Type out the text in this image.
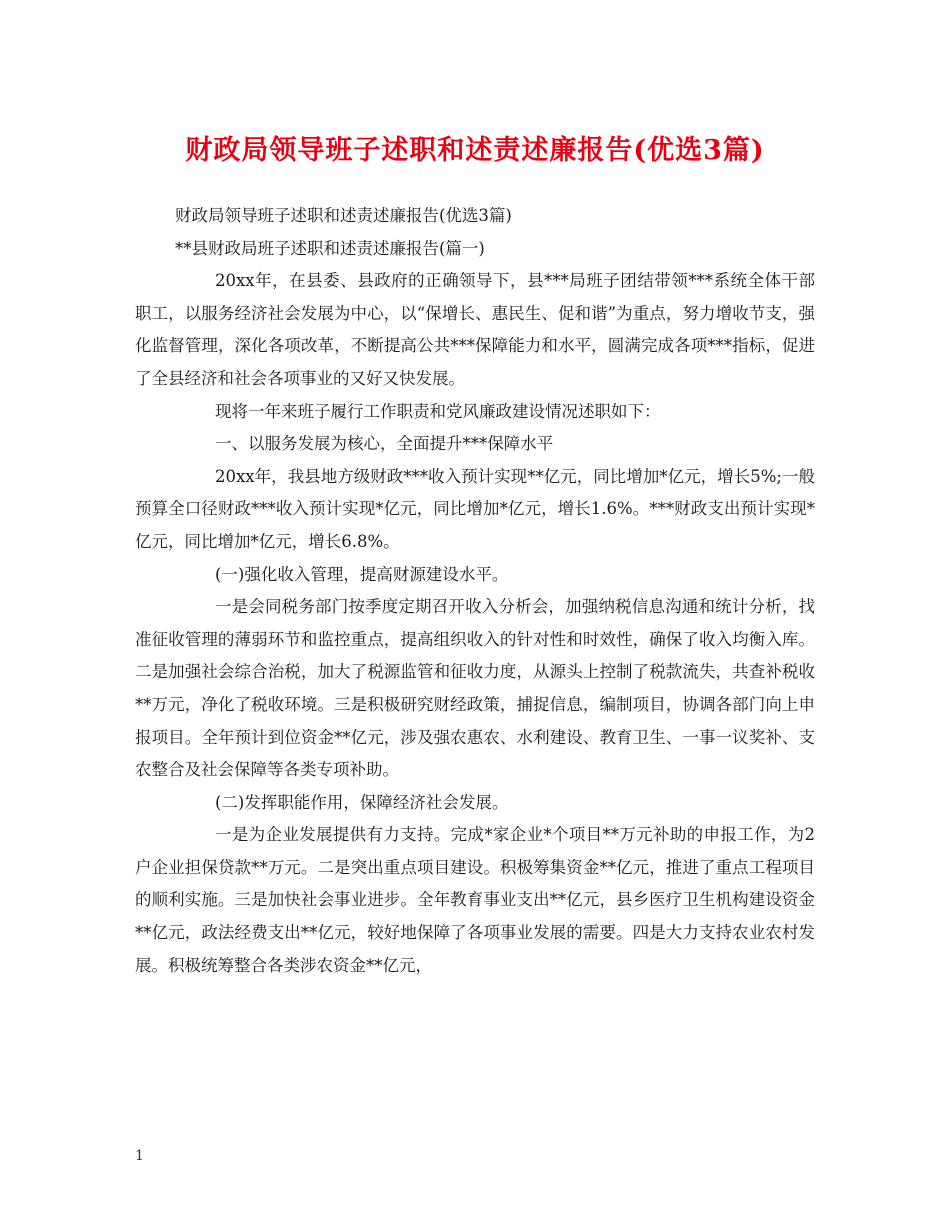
财政局领导班子述职和述责述廉报告(优选3篇)

财政局领导班子述职和述责述廉报告(优选3篇)

**县财政局班子述职和述责述廉报告(篇一)

20xx年，在县委、县政府的正确领导下，县***局班子团结带领***系统全体干部职工，以服务经济社会发展为中心，以“保增长、惠民生、促和谐”为重点，努力增收节支，强化监督管理，深化各项改革，不断提高公共***保障能力和水平，圆满完成各项***指标，促进了全县经济和社会各项事业的又好又快发展。

现将一年来班子履行工作职责和党风廉政建设情况述职如下：

一、以服务发展为核心，全面提升***保障水平

20xx年，我县地方级财政***收入预计实现**亿元，同比增加*亿元，增长5%;一般预算全口径财政***收入预计实现*亿元，同比增加*亿元，增长1.6%。***财政支出预计实现*亿元，同比增加*亿元，增长6.8%。

(一)强化收入管理，提高财源建设水平。

一是会同税务部门按季度定期召开收入分析会，加强纳税信息沟通和统计分析，找准征收管理的薄弱环节和监控重点，提高组织收入的针对性和时效性，确保了收入均衡入库。二是加强社会综合治税，加大了税源监管和征收力度，从源头上控制了税款流失，共查补税收 **万元，净化了税收环境。三是积极研究财经政策，捕捉信息，编制项目，协调各部门向上申报项目。全年预计到位资金**亿元，涉及强农惠农、水利建设、教育卫生、一事一议奖补、支农整合及社会保障等各类专项补助。

(二)发挥职能作用，保障经济社会发展。

一是为企业发展提供有力支持。完成*家企业*个项目**万元补助的申报工作，为2户企业担保贷款**万元。二是突出重点项目建设。积极筹集资金**亿元，推进了重点工程项目的顺利实施。三是加快社会事业进步。全年教育事业支出**亿元，县乡医疗卫生机构建设资金**亿元，政法经费支出**亿元，较好地保障了各项事业发展的需要。四是大力支持农业农村发展。积极统筹整合各类涉农资金**亿元，

1
